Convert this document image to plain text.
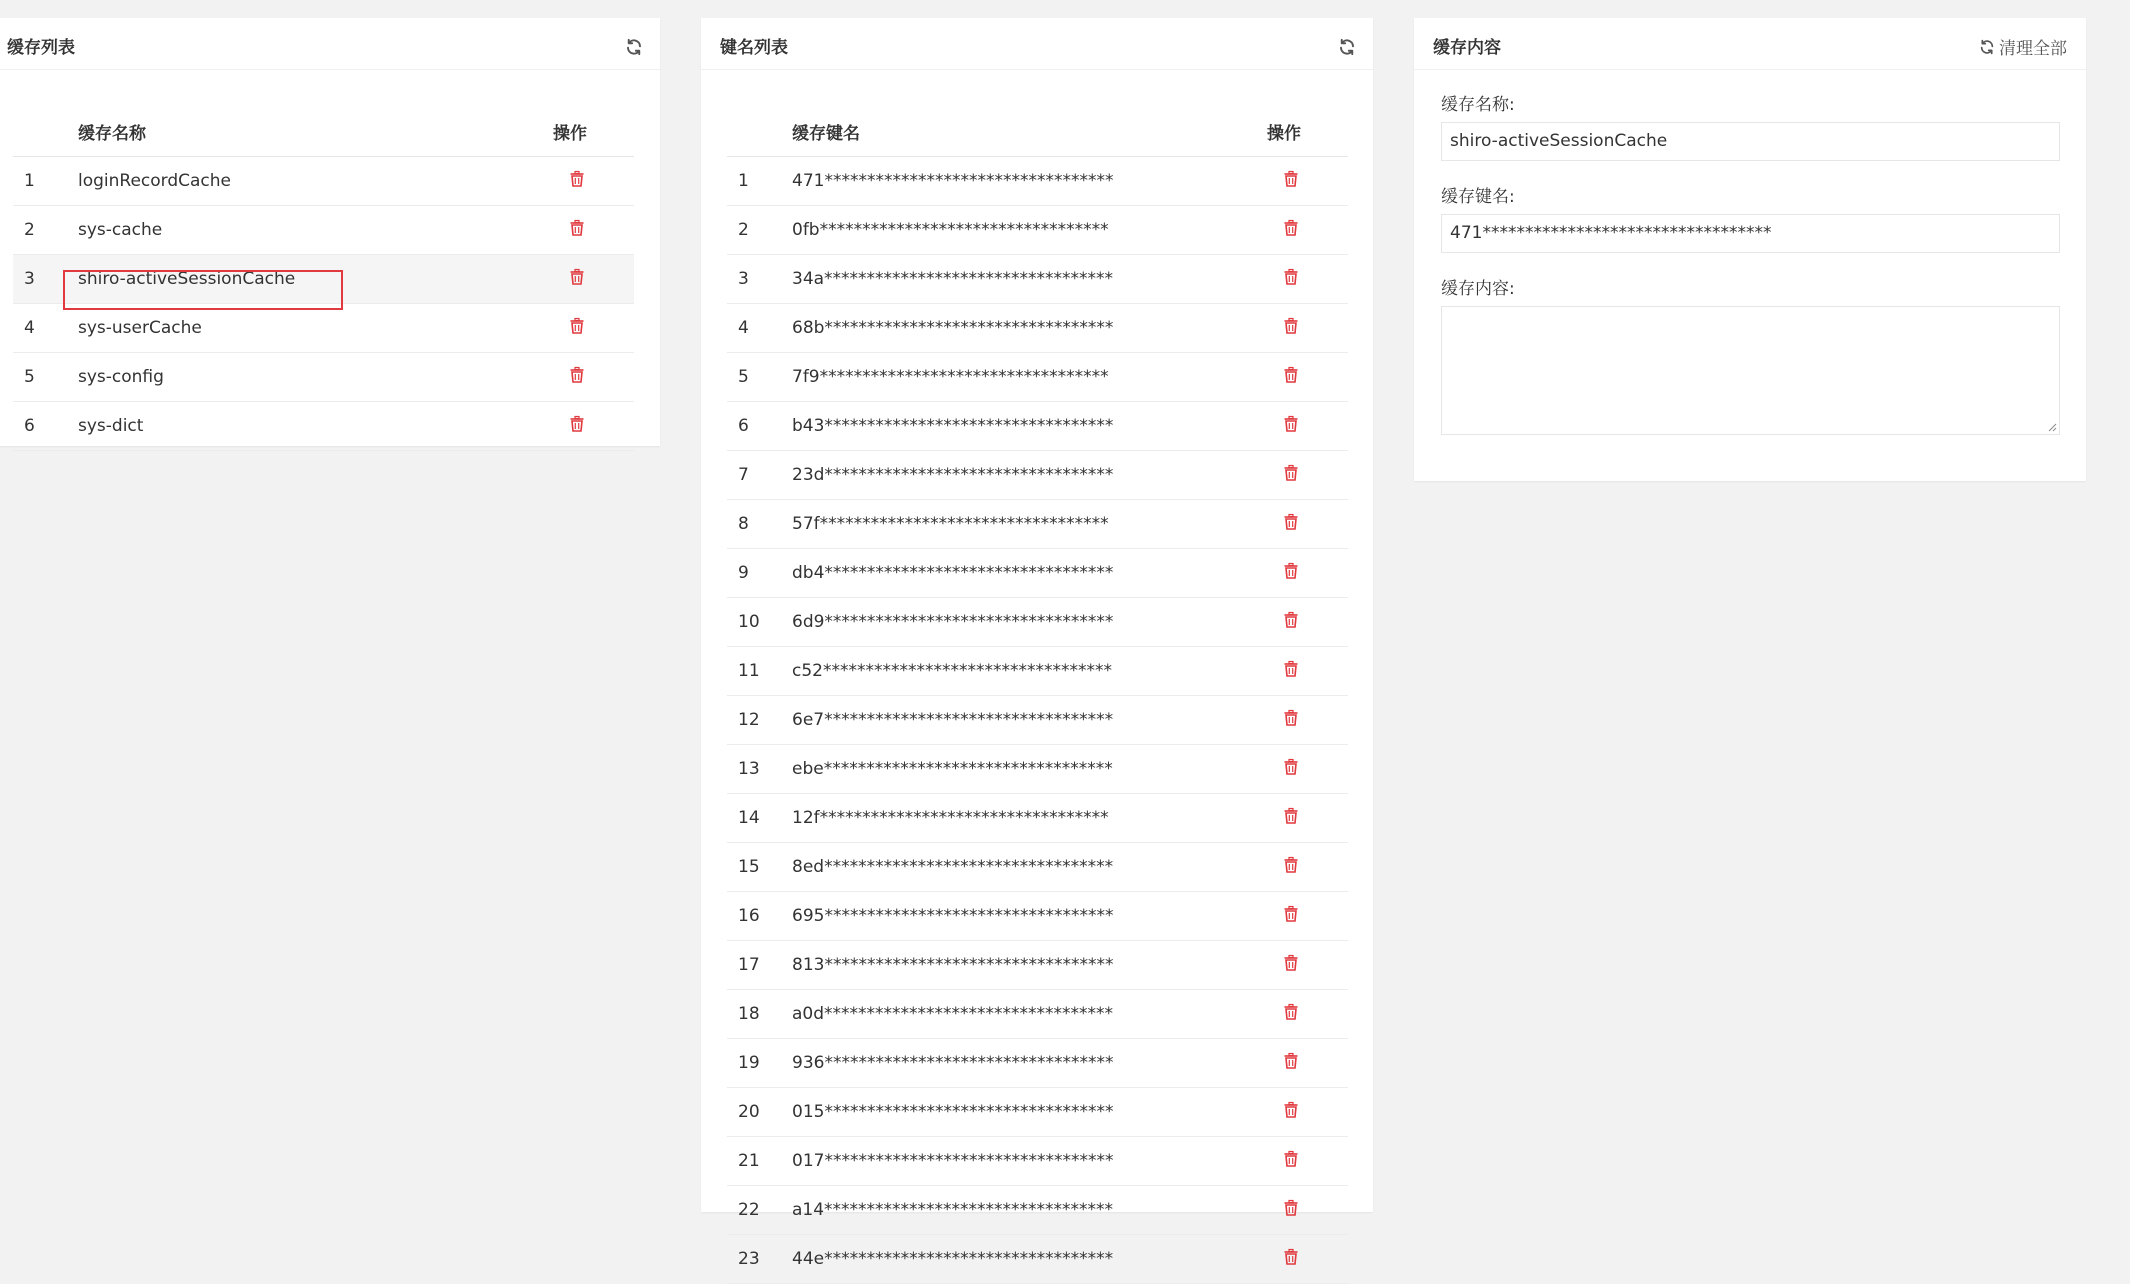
缓存列表
	缓存名称	操作
1	loginRecordCache	

2	sys-cache	

3	shiro-activeSessionCache

4	sys-userCache	

5	sys-config	

6	sys-dict	
键名列表
	缓存键名	操作
1	471**********************************	

2	0fb**********************************	

3	34a**********************************	

4	68b**********************************	

5	7f9**********************************	

6	b43**********************************	

7	23d**********************************	

8	57f**********************************	

9	db4**********************************	

10	6d9**********************************	

11	c52**********************************	

12	6e7**********************************	

13	ebe**********************************	

14	12f**********************************	

15	8ed**********************************	

16	695**********************************	

17	813**********************************	

18	a0d**********************************	

19	936**********************************	

20	015**********************************	

21	017**********************************	

22	a14**********************************	

23	44e**********************************	
缓存内容	清理全部
缓存名称:
shiro-activeSessionCache
缓存键名:
471**********************************
缓存内容:
